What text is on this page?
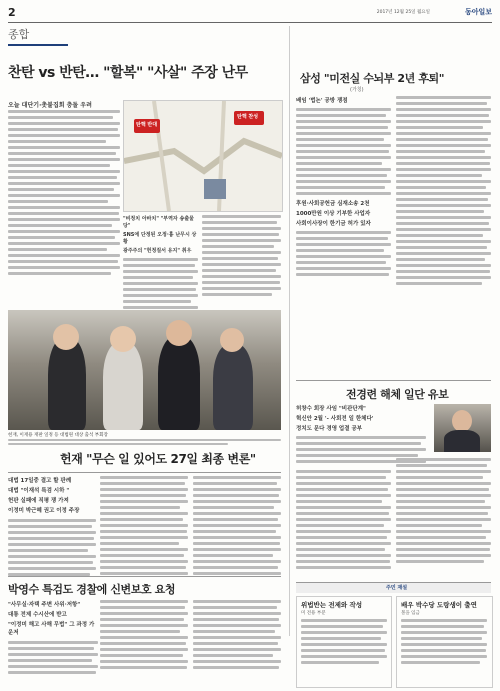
2	2017년 12월 25일 월요일	동아일보
종합
찬탄 vs 반탄… "할복" "사살" 주장 난무
오늘 대단기·촛불집회 충돌 우려
탄핵 반대
탄핵 찬성
"비정치 아바치" "부역자 송출물당"
SNS에 단정된 오정·흉 난무시 상황
광주주의 "헌정질서 유지" 취우
헌재, 이재용 재판 일정 등 대법원 대상 출석 부회장
헌재 "무슨 일 있어도 27일 최종 변론"
대법 17일중 결고 할 판례
대법 "이재석 특검 시하 "
헌판 실패에 직평 쟁 가져
이정미 박근혜 권고 이정 주장
박영수 특검도 경찰에 신변보호 요청
"사무실·자택 주변 사위·저항"
대통 전제 수시산에 받고
"이정미 해고 사해 무법" 그 과정 가운저
삼성 "미전실 수뇌부 2년 후퇴"
(가칭)
배임 '법논' 공방 쟁점
후원·사회공헌금 심재소송 2천
1000만원 이상 기부한 사업자
사회이사장이 한기금 허가 있자
전경련 해체 일단 유보
허창수 회장 사임 "비관단계"
혁신안 2월 '- 사회전 일 한체다'
정치도 문다 경영 업결 공부
주민 재설
위법반는 전제와 작성
미 전용 부분
배우 박수당 도랑생이 출연
볼을 임금
